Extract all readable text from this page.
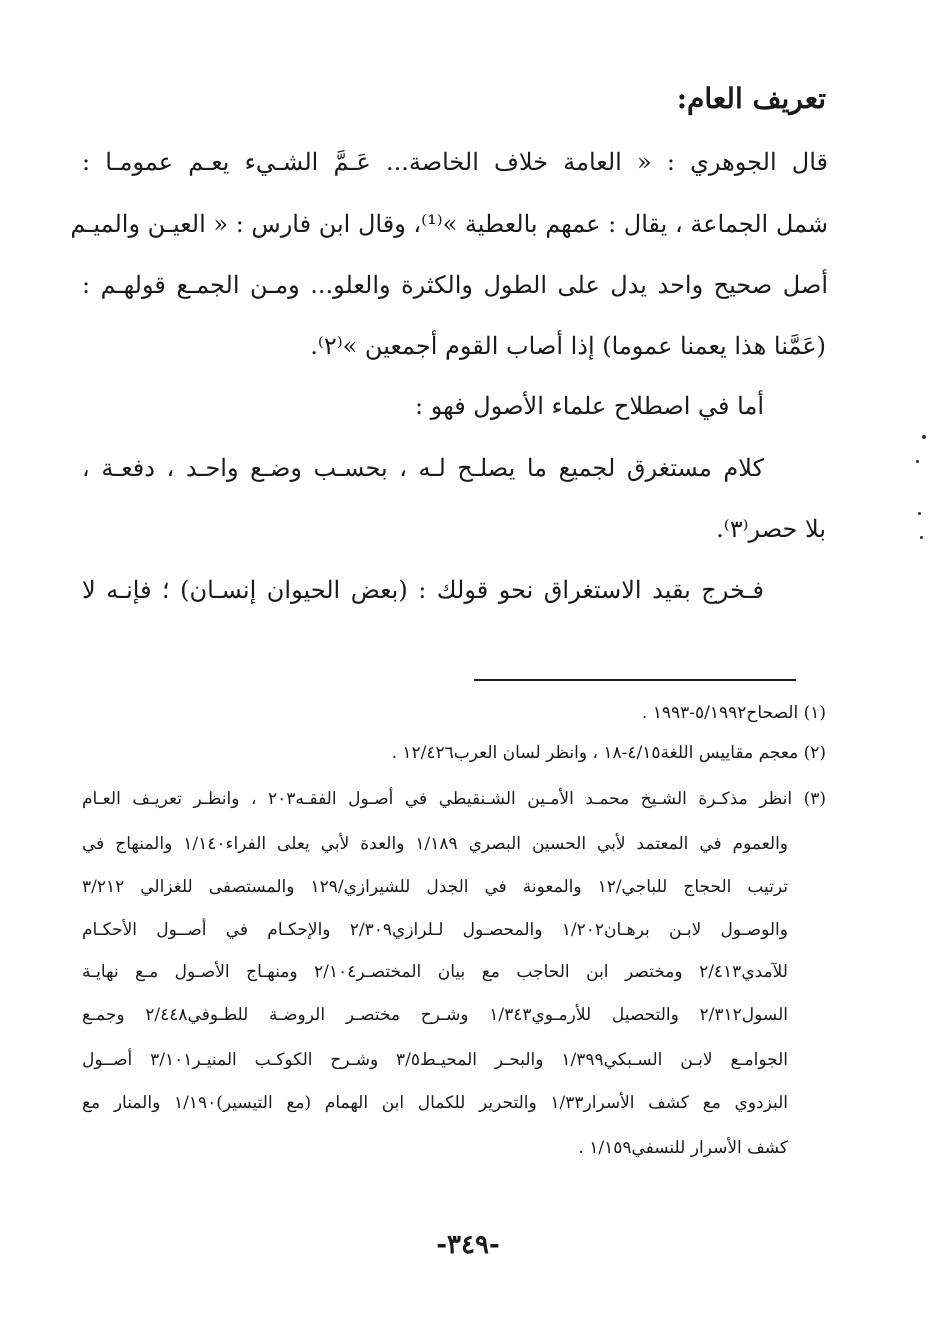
تعريف العام:
قال الجوهري : « العامة خلاف الخاصة... عَـمَّ الشـيء يعـم عمومـا :
شمل الجماعة ، يقال : عمهم بالعطية »⁽¹⁾، وقال ابن فارس : « العيـن والميـم
أصل صحيح واحد يدل على الطول والكثرة والعلو... ومـن الجمـع قولهـم :
(عَمَّنا هذا يعمنا عموما) إذا أصاب القوم أجمعين »⁽٢⁾.
أما في اصطلاح علماء الأصول فهو :
كلام مستغرق لجميع ما يصلـح لـه ، بحسـب وضـع واحـد ، دفعـة ،
بلا حصر⁽٣⁾.
فـخرج بقيد الاستغراق نحو قولك : (بعض الحيوان إنسـان) ؛ فإنـه لا
(١) الصحاح٥/١٩٩٢-١٩٩٣ .
(٢) معجم مقاييس اللغة٤/١٥-١٨ ، وانظر لسان العرب١٢/٤٢٦ .
(٣) انظر مذكـرة الشـيخ محمـد الأمـين الشـنقيطي في أصـول الفقـه٢٠٣ ، وانظـر تعريـف العـام
والعموم في المعتمد لأبي الحسين البصري ١/١٨٩ والعدة لأبي يعلى الفراء١/١٤٠ والمنهاج في
ترتيب الحجاج للباجي/١٢ والمعونة في الجدل للشيرازي/١٢٩ والمستصفى للغزالي ٣/٢١٢
والوصـول لابـن برهـان١/٢٠٢ والمحصـول لـلرازي٢/٣٠٩ والإحكـام في أصــول الأحكـام
للآمدي٢/٤١٣ ومختصر ابن الحاجب مع بيان المختصـر٢/١٠٤ ومنهـاج الأصـول مـع نهايـة
السول٢/٣١٢ والتحصيل للأرمـوي١/٣٤٣ وشـرح مختصـر الروضـة للطـوفي٢/٤٤٨ وجمـع
الجوامـع لابـن السـبكي١/٣٩٩ والبحـر المحيـط٣/٥ وشـرح الكوكـب المنيـر٣/١٠١ أصــول
البزدوي مع كشف الأسرار١/٣٣ والتحرير للكمال ابن الهمام (مع التيسير)١/١٩٠ والمنار مع
كشف الأسرار للنسفي١/١٥٩ .
-٣٤٩-
